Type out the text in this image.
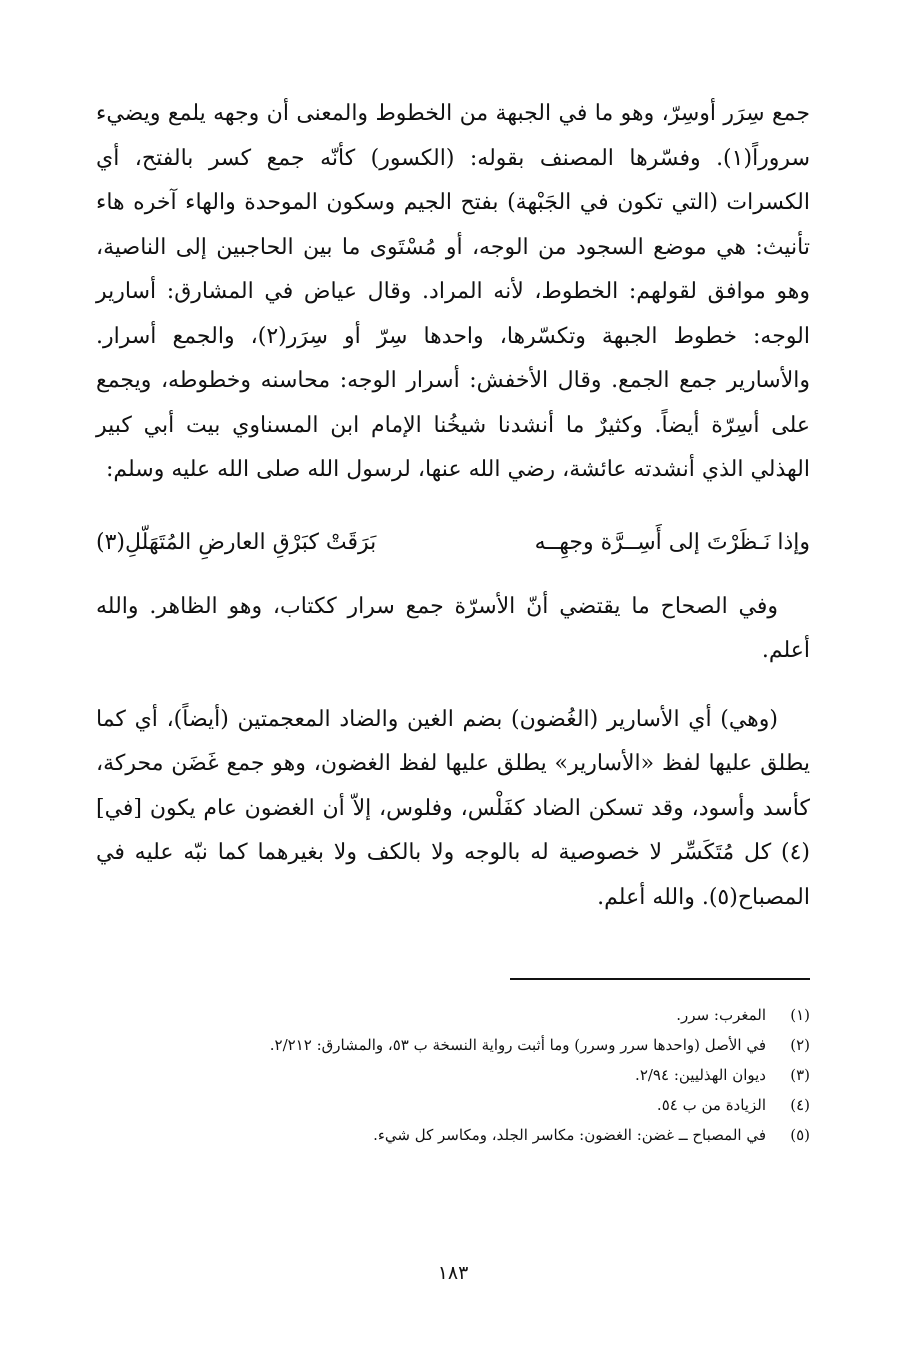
جمع سِرَر أوسِرّ، وهو ما في الجبهة من الخطوط والمعنى أن وجهه يلمع ويضيء سروراً(١). وفسّرها المصنف بقوله: (الكسور) كأنّه جمع كسر بالفتح، أي الكسرات (التي تكون في الجَبْهة) بفتح الجيم وسكون الموحدة والهاء آخره هاء تأنيث: هي موضع السجود من الوجه، أو مُسْتَوى ما بين الحاجبين إلى الناصية، وهو موافق لقولهم: الخطوط، لأنه المراد. وقال عياض في المشارق: أسارير الوجه: خطوط الجبهة وتكسّرها، واحدها سِرّ أو سِرَر(٢)، والجمع أسرار. والأسارير جمع الجمع. وقال الأخفش: أسرار الوجه: محاسنه وخطوطه، ويجمع على أسِرّة أيضاً. وكثيرٌ ما أنشدنا شيخُنا الإمام ابن المسناوي بيت أبي كبير الهذلي الذي أنشدته عائشة، رضي الله عنها، لرسول الله صلى الله عليه وسلم:

وإذا نَـظَرْتَ إلى أَسِــرَّة وجهِــه
بَرَقَتْ كبَرْقِ العارضِ المُتَهَلّلِ(٣)

وفي الصحاح ما يقتضي أنّ الأسرّة جمع سرار ككتاب، وهو الظاهر. والله أعلم.

(وهي) أي الأسارير (الغُضون) بضم الغين والضاد المعجمتين (أيضاً)، أي كما يطلق عليها لفظ «الأسارير» يطلق عليها لفظ الغضون، وهو جمع غَضَن محركة، كأسد وأسود، وقد تسكن الضاد كفَلْس، وفلوس، إلاّ أن الغضون عام يكون [في](٤) كل مُتَكَسِّر لا خصوصية له بالوجه ولا بالكف ولا بغيرهما كما نبّه عليه في المصباح(٥). والله أعلم.

(١)
المغرب: سرر.
(٢)
في الأصل (واحدها سرر وسرر) وما أثبت رواية النسخة ب ٥٣، والمشارق: ٢/٢١٢.
(٣)
ديوان الهذليين: ٢/٩٤.
(٤)
الزيادة من ب ٥٤.
(٥)
في المصباح ــ غضن: الغضون: مكاسر الجلد، ومكاسر كل شيء.
١٨٣
